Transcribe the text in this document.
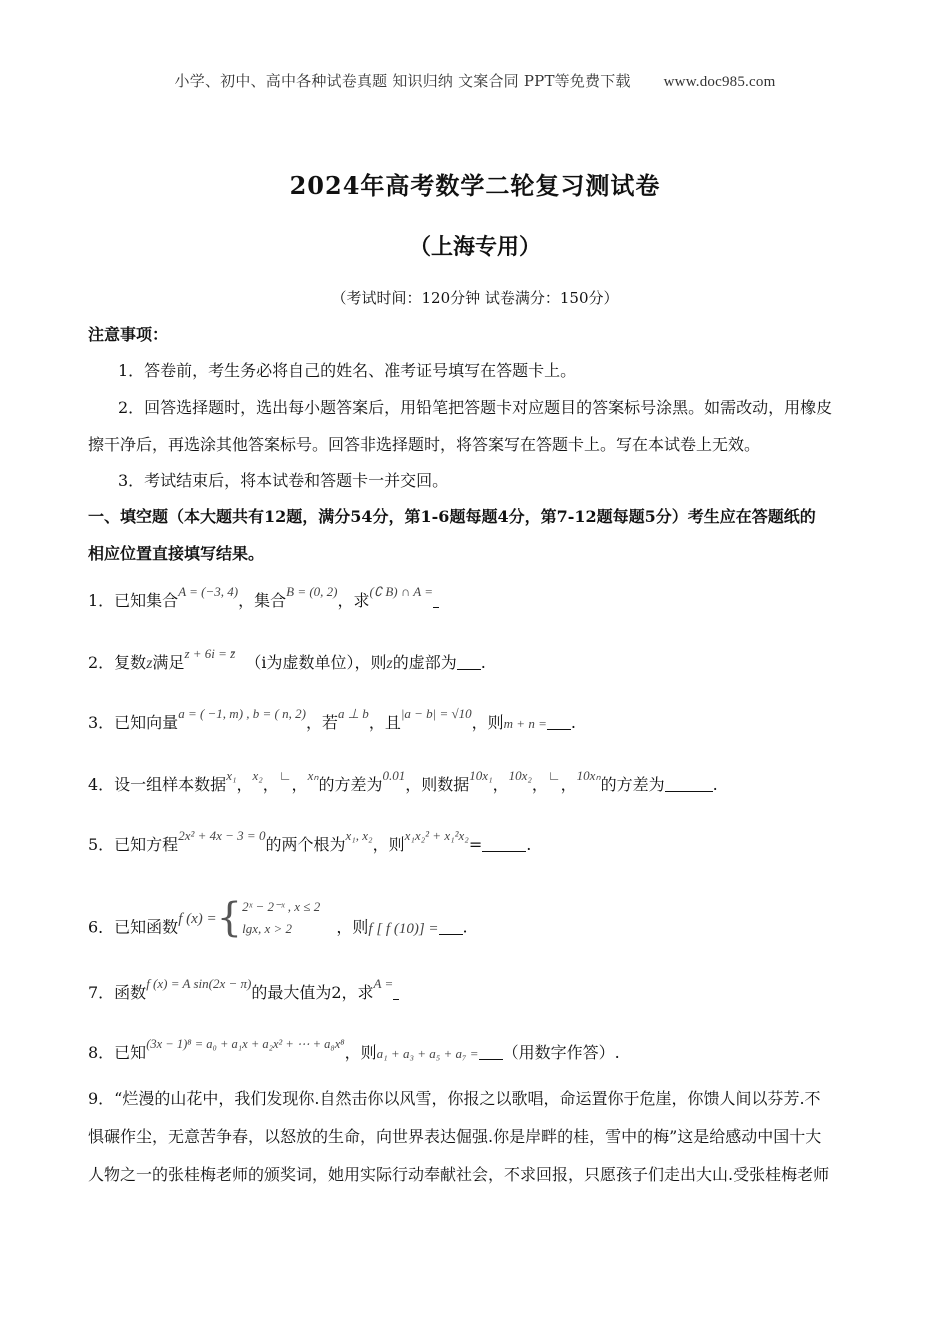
小学、初中、高中各种试卷真题 知识归纳 文案合同 PPT等免费下载 www.doc985.com
2024年高考数学二轮复习测试卷
（上海专用）
（考试时间：120分钟 试卷满分：150分）
注意事项：
1．答卷前，考生务必将自己的姓名、准考证号填写在答题卡上。
2．回答选择题时，选出每小题答案后，用铅笔把答题卡对应题目的答案标号涂黑。如需改动，用橡皮
擦干净后，再选涂其他答案标号。回答非选择题时，将答案写在答题卡上。写在本试卷上无效。
3．考试结束后，将本试卷和答题卡一并交回。
一、填空题（本大题共有12题，满分54分，第1-6题每题4分，第7-12题每题5分）考生应在答题纸的
相应位置直接填写结果。
1．已知集合A = (−3, 4)，集合B = (0, 2)，求(∁ B) ∩ A =
2．复数z满足z + 6i = z̄ （i为虚数单位），则z的虚部为 .
3．已知向量a = ( −1, m) , b = ( n, 2)，若a ⊥ b，且|a − b| = √10，则m + n = .
4．设一组样本数据x₁，x₂，∟，xₙ的方差为0.01，则数据10x₁，10x₂，∟，10xₙ的方差为	.
5．已知方程2x² + 4x − 3 = 0的两个根为x₁, x₂，则x₁x₂² + x₁²x₂=	.
6．已知函数f (x) ={2ˣ − 2⁻ˣ , x ≤ 2
lgx, x > 2	，则f [ f (10)] = .
7．函数f (x) = A sin(2x − π)的最大值为2，求A =
8．已知(3x − 1)⁸ = a₀ + a₁x + a₂x² + ⋯ + a₈x⁸，则a₁ + a₃ + a₅ + a₇ = （用数字作答）.
9．“烂漫的山花中，我们发现你.自然击你以风雪，你报之以歌唱，命运置你于危崖，你馈人间以芬芳.不
惧碾作尘，无意苦争春，以怒放的生命，向世界表达倔强.你是岸畔的桂，雪中的梅”这是给感动中国十大
人物之一的张桂梅老师的颁奖词，她用实际行动奉献社会，不求回报，只愿孩子们走出大山.受张桂梅老师
